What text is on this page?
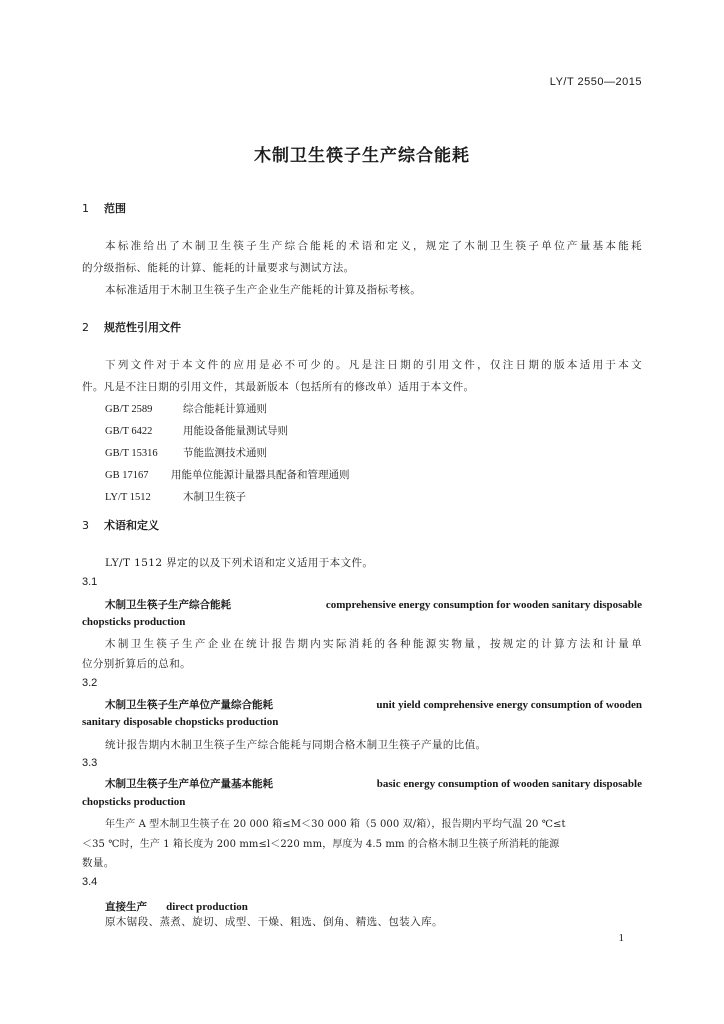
LY/T 2550—2015
木制卫生筷子生产综合能耗
1 范围
本标准给出了木制卫生筷子生产综合能耗的术语和定义，规定了木制卫生筷子单位产量基本能耗
的分级指标、能耗的计算、能耗的计量要求与测试方法。
本标准适用于木制卫生筷子生产企业生产能耗的计算及指标考核。
2 规范性引用文件
下列文件对于本文件的应用是必不可少的。凡是注日期的引用文件，仅注日期的版本适用于本文
件。凡是不注日期的引用文件，其最新版本（包括所有的修改单）适用于本文件。
GB/T 2589	综合能耗计算通则
GB/T 6422	用能设备能量测试导则
GB/T 15316 节能监测技术通则
GB 17167 用能单位能源计量器具配备和管理通则
LY/T 1512	木制卫生筷子
3 术语和定义
LY/T 1512 界定的以及下列术语和定义适用于本文件。
3.1
木制卫生筷子生产综合能耗	comprehensive energy consumption for wooden sanitary disposable
chopsticks production
木制卫生筷子生产企业在统计报告期内实际消耗的各种能源实物量，按规定的计算方法和计量单
位分别折算后的总和。
3.2
木制卫生筷子生产单位产量综合能耗	unit yield comprehensive energy consumption of wooden
sanitary disposable chopsticks production
统计报告期内木制卫生筷子生产综合能耗与同期合格木制卫生筷子产量的比值。
3.3
木制卫生筷子生产单位产量基本能耗	basic energy consumption of wooden sanitary disposable
chopsticks production
年生产 A 型木制卫生筷子在 20 000 箱≤M＜30 000 箱（5 000 双/箱），报告期内平均气温 20 ℃≤t
＜35 ℃时，生产 1 箱长度为 200 mm≤l＜220 mm，厚度为 4.5 mm 的合格木制卫生筷子所消耗的能源
数量。
3.4
直接生产 direct production
原木锯段、蒸煮、旋切、成型、干燥、粗选、倒角、精选、包装入库。
1
